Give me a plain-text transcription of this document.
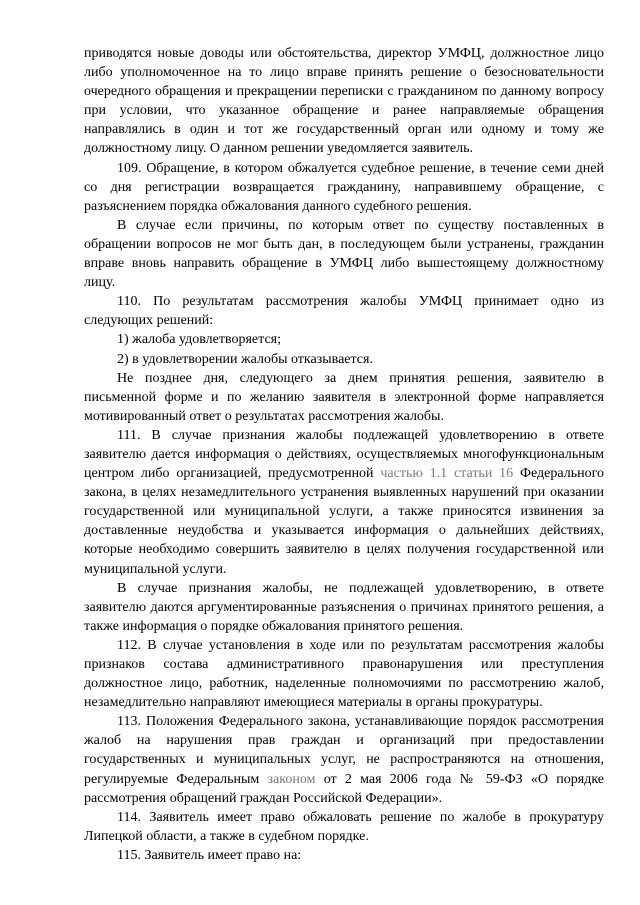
приводятся новые доводы или обстоятельства, директор УМФЦ, должностное лицо либо уполномоченное на то лицо вправе принять решение о безосновательности очередного обращения и прекращении переписки с гражданином по данному вопросу при условии, что указанное обращение и ранее направляемые обращения направлялись в один и тот же государственный орган или одному и тому же должностному лицу. О данном решении уведомляется заявитель.

109. Обращение, в котором обжалуется судебное решение, в течение семи дней со дня регистрации возвращается гражданину, направившему обращение, с разъяснением порядка обжалования данного судебного решения.

В случае если причины, по которым ответ по существу поставленных в обращении вопросов не мог быть дан, в последующем были устранены, гражданин вправе вновь направить обращение в УМФЦ либо вышестоящему должностному лицу.

110. По результатам рассмотрения жалобы УМФЦ принимает одно из следующих решений:

1) жалоба удовлетворяется;

2) в удовлетворении жалобы отказывается.

Не позднее дня, следующего за днем принятия решения, заявителю в письменной форме и по желанию заявителя в электронной форме направляется мотивированный ответ о результатах рассмотрения жалобы.

111. В случае признания жалобы подлежащей удовлетворению в ответе заявителю дается информация о действиях, осуществляемых многофункциональным центром либо организацией, предусмотренной частью 1.1 статьи 16 Федерального закона, в целях незамедлительного устранения выявленных нарушений при оказании государственной или муниципальной услуги, а также приносятся извинения за доставленные неудобства и указывается информация о дальнейших действиях, которые необходимо совершить заявителю в целях получения государственной или муниципальной услуги.

В случае признания жалобы, не подлежащей удовлетворению, в ответе заявителю даются аргументированные разъяснения о причинах принятого решения, а также информация о порядке обжалования принятого решения.

112. В случае установления в ходе или по результатам рассмотрения жалобы признаков состава административного правонарушения или преступления должностное лицо, работник, наделенные полномочиями по рассмотрению жалоб, незамедлительно направляют имеющиеся материалы в органы прокуратуры.

113. Положения Федерального закона, устанавливающие порядок рассмотрения жалоб на нарушения прав граждан и организаций при предоставлении государственных и муниципальных услуг, не распространяются на отношения, регулируемые Федеральным законом от 2 мая 2006 года № 59-ФЗ «О порядке рассмотрения обращений граждан Российской Федерации».

114. Заявитель имеет право обжаловать решение по жалобе в прокуратуру Липецкой области, а также в судебном порядке.

115. Заявитель имеет право на:
